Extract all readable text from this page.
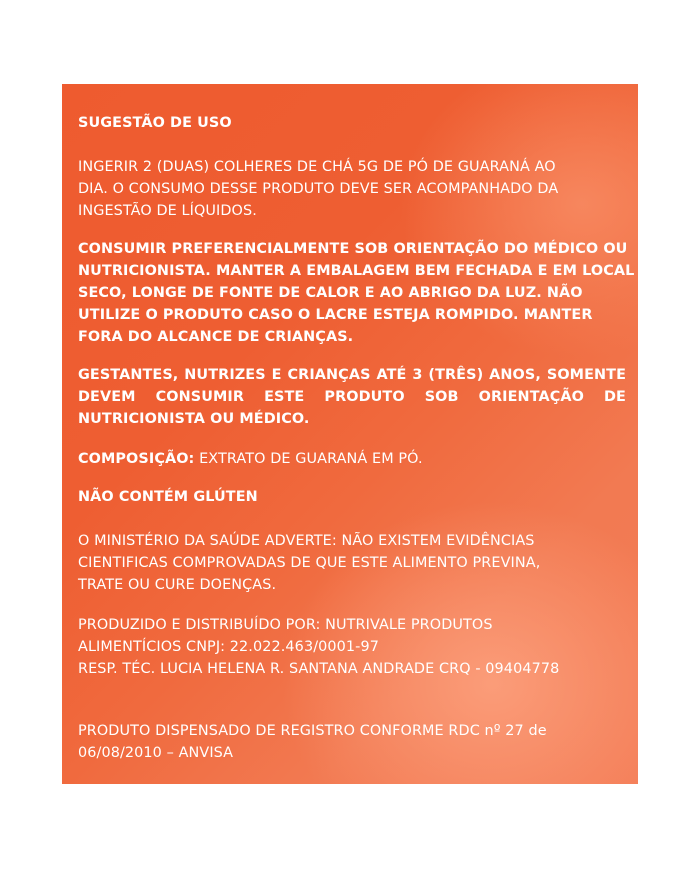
SUGESTÃO DE USO

INGERIR 2 (DUAS) COLHERES DE CHÁ 5G DE PÓ DE GUARANÁ AO
DIA. O CONSUMO DESSE PRODUTO DEVE SER ACOMPANHADO DA
INGESTÃO DE LÍQUIDOS.

CONSUMIR PREFERENCIALMENTE SOB ORIENTAÇÃO DO MÉDICO OU
NUTRICIONISTA. MANTER A EMBALAGEM BEM FECHADA E EM LOCAL
SECO, LONGE DE FONTE DE CALOR E AO ABRIGO DA LUZ. NÃO
UTILIZE O PRODUTO CASO O LACRE ESTEJA ROMPIDO. MANTER
FORA DO ALCANCE DE CRIANÇAS.

GESTANTES, NUTRIZES E CRIANÇAS ATÉ 3 (TRÊS) ANOS, SOMENTE
DEVEM CONSUMIR ESTE PRODUTO SOB ORIENTAÇÃO DE
NUTRICIONISTA OU MÉDICO.

COMPOSIÇÃO: EXTRATO DE GUARANÁ EM PÓ.

NÃO CONTÉM GLÚTEN

O MINISTÉRIO DA SAÚDE ADVERTE: NÃO EXISTEM EVIDÊNCIAS
CIENTIFICAS COMPROVADAS DE QUE ESTE ALIMENTO PREVINA,
TRATE OU CURE DOENÇAS.

PRODUZIDO E DISTRIBUÍDO POR: NUTRIVALE PRODUTOS
ALIMENTÍCIOS CNPJ: 22.022.463/0001-97
RESP. TÉC. LUCIA HELENA R. SANTANA ANDRADE CRQ - 09404778

PRODUTO DISPENSADO DE REGISTRO CONFORME RDC nº 27 de
06/08/2010 – ANVISA
